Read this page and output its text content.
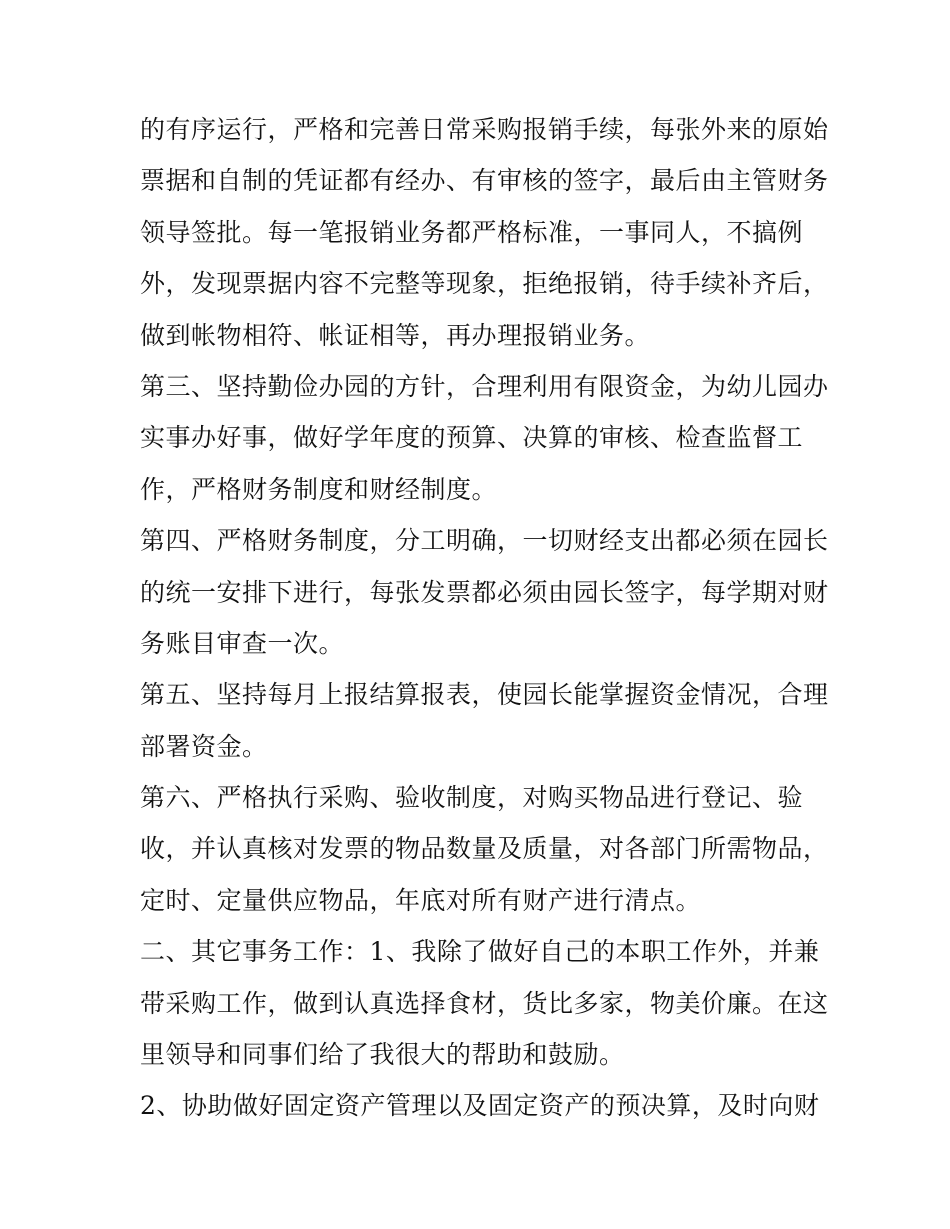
的有序运行，严格和完善日常采购报销手续，每张外来的原始
票据和自制的凭证都有经办、有审核的签字，最后由主管财务
领导签批。每一笔报销业务都严格标准，一事同人，不搞例
外，发现票据内容不完整等现象，拒绝报销，待手续补齐后，
做到帐物相符、帐证相等，再办理报销业务。
第三、坚持勤俭办园的方针，合理利用有限资金，为幼儿园办
实事办好事，做好学年度的预算、决算的审核、检查监督工
作，严格财务制度和财经制度。
第四、严格财务制度，分工明确，一切财经支出都必须在园长
的统一安排下进行，每张发票都必须由园长签字，每学期对财
务账目审查一次。
第五、坚持每月上报结算报表，使园长能掌握资金情况，合理
部署资金。
第六、严格执行采购、验收制度，对购买物品进行登记、验
收，并认真核对发票的物品数量及质量，对各部门所需物品，
定时、定量供应物品，年底对所有财产进行清点。
二、其它事务工作：1、我除了做好自己的本职工作外，并兼
带采购工作，做到认真选择食材，货比多家，物美价廉。在这
里领导和同事们给了我很大的帮助和鼓励。
2、协助做好固定资产管理以及固定资产的预决算，及时向财
